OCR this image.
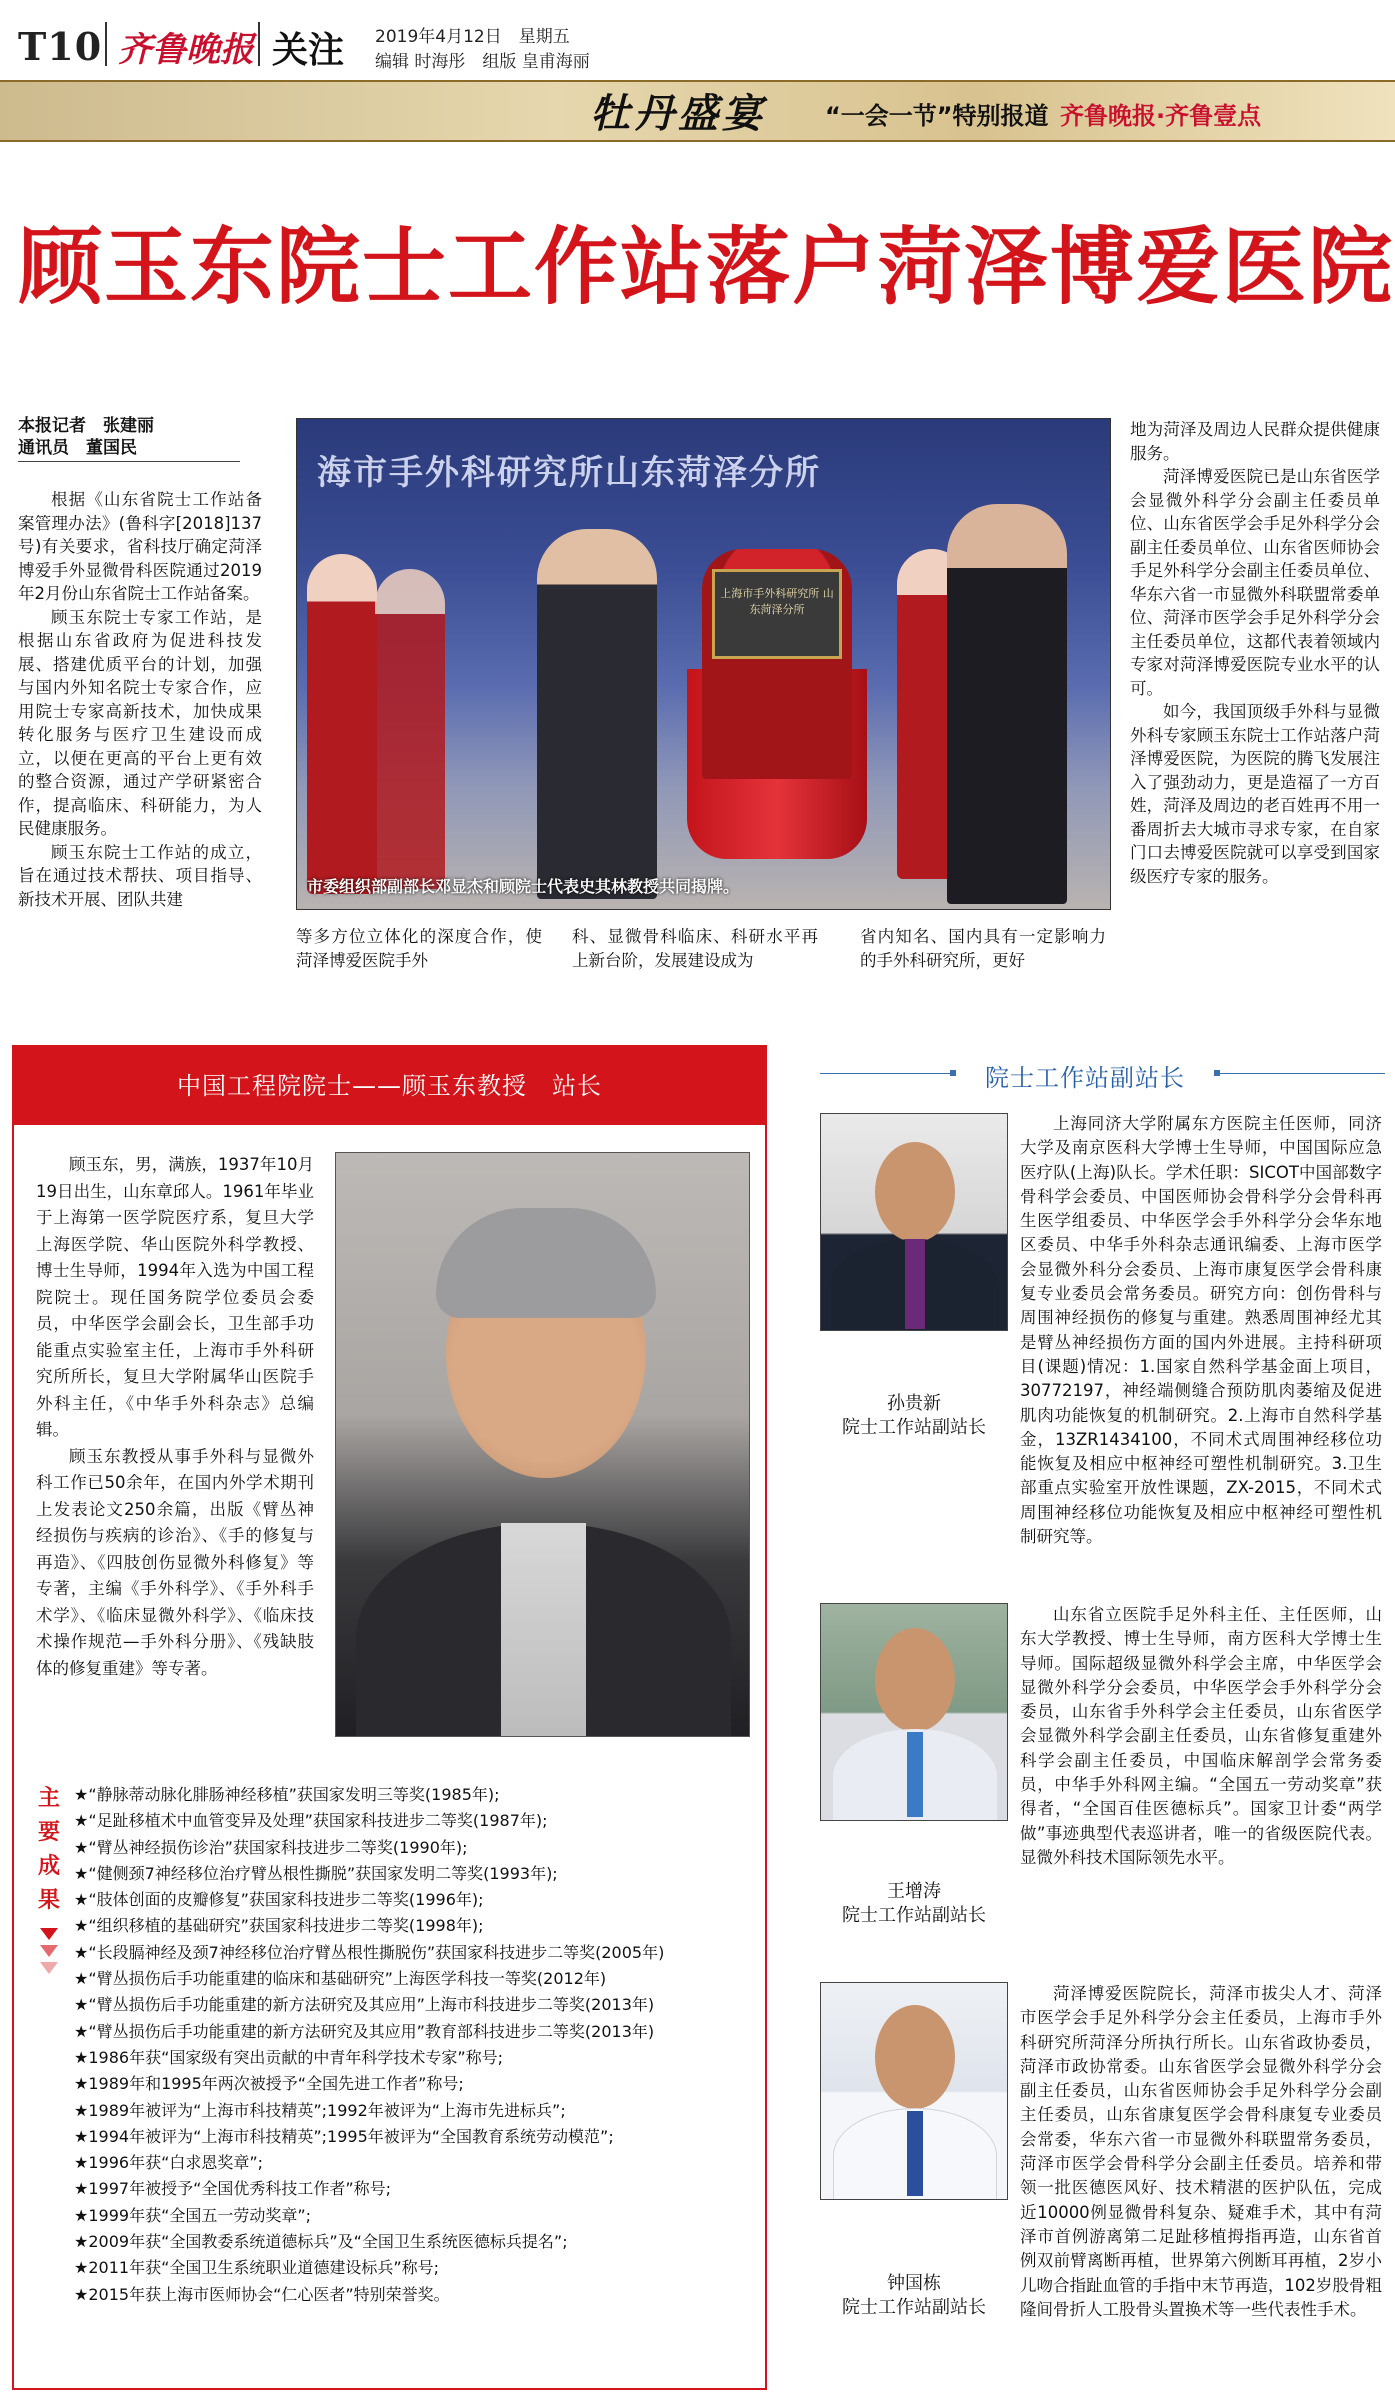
T10 齐鲁晚报 关注 2019年4月12日　星期五
编辑 时海彤　组版 皇甫海丽
牡丹盛宴 “一会一节”特别报道 齐鲁晚报·齐鲁壹点
顾玉东院士工作站落户菏泽博爱医院
本报记者　张建丽
通讯员　董国民

根据《山东省院士工作站备案管理办法》(鲁科字[2018]137号)有关要求，省科技厅确定菏泽博爱手外显微骨科医院通过2019年2月份山东省院士工作站备案。

顾玉东院士专家工作站，是根据山东省政府为促进科技发展、搭建优质平台的计划，加强与国内外知名院士专家合作，应用院士专家高新技术，加快成果转化服务与医疗卫生建设而成立，以便在更高的平台上更有效的整合资源，通过产学研紧密合作，提高临床、科研能力，为人民健康服务。

顾玉东院士工作站的成立，旨在通过技术帮扶、项目指导、新技术开展、团队共建

海市手外科研究所山东菏泽分所
上海市手外科研究所 山东菏泽分所
市委组织部副部长邓显杰和顾院士代表史其林教授共同揭牌。
等多方位立体化的深度合作，使菏泽博爱医院手外
科、显微骨科临床、科研水平再上新台阶，发展建设成为
省内知名、国内具有一定影响力的手外科研究所，更好

地为菏泽及周边人民群众提供健康服务。

菏泽博爱医院已是山东省医学会显微外科学分会副主任委员单位、山东省医学会手足外科学分会副主任委员单位、山东省医师协会手足外科学分会副主任委员单位、华东六省一市显微外科联盟常委单位、菏泽市医学会手足外科学分会主任委员单位，这都代表着领域内专家对菏泽博爱医院专业水平的认可。

如今，我国顶级手外科与显微外科专家顾玉东院士工作站落户菏泽博爱医院，为医院的腾飞发展注入了强劲动力，更是造福了一方百姓，菏泽及周边的老百姓再不用一番周折去大城市寻求专家，在自家门口去博爱医院就可以享受到国家级医疗专家的服务。

中国工程院院士——顾玉东教授　站长

顾玉东，男，满族，1937年10月19日出生，山东章邱人。1961年毕业于上海第一医学院医疗系，复旦大学上海医学院、华山医院外科学教授、博士生导师，1994年入选为中国工程院院士。现任国务院学位委员会委员，中华医学会副会长，卫生部手功能重点实验室主任，上海市手外科研究所所长，复旦大学附属华山医院手外科主任，《中华手外科杂志》总编辑。

顾玉东教授从事手外科与显微外科工作已50余年，在国内外学术期刊上发表论文250余篇，出版《臂丛神经损伤与疾病的诊治》、《手的修复与再造》、《四肢创伤显微外科修复》等专著，主编《手外科学》、《手外科手术学》、《临床显微外科学》、《临床技术操作规范—手外科分册》、《残缺肢体的修复重建》等专著。

主
要
成
果
★“静脉蒂动脉化腓肠神经移植”获国家发明三等奖(1985年);
★“足趾移植术中血管变异及处理”获国家科技进步二等奖(1987年);
★“臂丛神经损伤诊治”获国家科技进步二等奖(1990年);
★“健侧颈7神经移位治疗臂丛根性撕脱”获国家发明二等奖(1993年);
★“肢体创面的皮瓣修复”获国家科技进步二等奖(1996年);
★“组织移植的基础研究”获国家科技进步二等奖(1998年);
★“长段膈神经及颈7神经移位治疗臂丛根性撕脱伤”获国家科技进步二等奖(2005年)
★“臂丛损伤后手功能重建的临床和基础研究”上海医学科技一等奖(2012年)
★“臂丛损伤后手功能重建的新方法研究及其应用”上海市科技进步二等奖(2013年)
★“臂丛损伤后手功能重建的新方法研究及其应用”教育部科技进步二等奖(2013年)
★1986年获“国家级有突出贡献的中青年科学技术专家”称号;
★1989年和1995年两次被授予“全国先进工作者”称号;
★1989年被评为“上海市科技精英”;1992年被评为“上海市先进标兵”;
★1994年被评为“上海市科技精英”;1995年被评为“全国教育系统劳动模范”;
★1996年获“白求恩奖章”;
★1997年被授予“全国优秀科技工作者”称号;
★1999年获“全国五一劳动奖章”;
★2009年获“全国教委系统道德标兵”及“全国卫生系统医德标兵提名”;
★2011年获“全国卫生系统职业道德建设标兵”称号;
★2015年获上海市医师协会“仁心医者”特别荣誉奖。
院士工作站副站长
孙贵新
院士工作站副站长

上海同济大学附属东方医院主任医师，同济大学及南京医科大学博士生导师，中国国际应急医疗队(上海)队长。学术任职：SICOT中国部数字骨科学会委员、中国医师协会骨科学分会骨科再生医学组委员、中华医学会手外科学分会华东地区委员、中华手外科杂志通讯编委、上海市医学会显微外科分会委员、上海市康复医学会骨科康复专业委员会常务委员。研究方向：创伤骨科与周围神经损伤的修复与重建。熟悉周围神经尤其是臂丛神经损伤方面的国内外进展。主持科研项目(课题)情况：1.国家自然科学基金面上项目，30772197，神经端侧缝合预防肌肉萎缩及促进肌肉功能恢复的机制研究。2.上海市自然科学基金，13ZR1434100，不同术式周围神经移位功能恢复及相应中枢神经可塑性机制研究。3.卫生部重点实验室开放性课题，ZX-2015，不同术式周围神经移位功能恢复及相应中枢神经可塑性机制研究等。

王增涛
院士工作站副站长

山东省立医院手足外科主任、主任医师，山东大学教授、博士生导师，南方医科大学博士生导师。国际超级显微外科学会主席，中华医学会显微外科学分会委员，中华医学会手外科学分会委员，山东省手外科学会主任委员，山东省医学会显微外科学会副主任委员，山东省修复重建外科学会副主任委员，中国临床解剖学会常务委员，中华手外科网主编。“全国五一劳动奖章”获得者，“全国百佳医德标兵”。国家卫计委“两学做”事迹典型代表巡讲者，唯一的省级医院代表。显微外科技术国际领先水平。

钟国栋
院士工作站副站长

菏泽博爱医院院长，菏泽市拔尖人才、菏泽市医学会手足外科学分会主任委员，上海市手外科研究所菏泽分所执行所长。山东省政协委员，菏泽市政协常委。山东省医学会显微外科学分会副主任委员，山东省医师协会手足外科学分会副主任委员，山东省康复医学会骨科康复专业委员会常委，华东六省一市显微外科联盟常务委员，菏泽市医学会骨科学分会副主任委员。培养和带领一批医德医风好、技术精湛的医护队伍，完成近10000例显微骨科复杂、疑难手术，其中有菏泽市首例游离第二足趾移植拇指再造，山东省首例双前臂离断再植，世界第六例断耳再植，2岁小儿吻合指趾血管的手指中末节再造，102岁股骨粗隆间骨折人工股骨头置换术等一些代表性手术。
